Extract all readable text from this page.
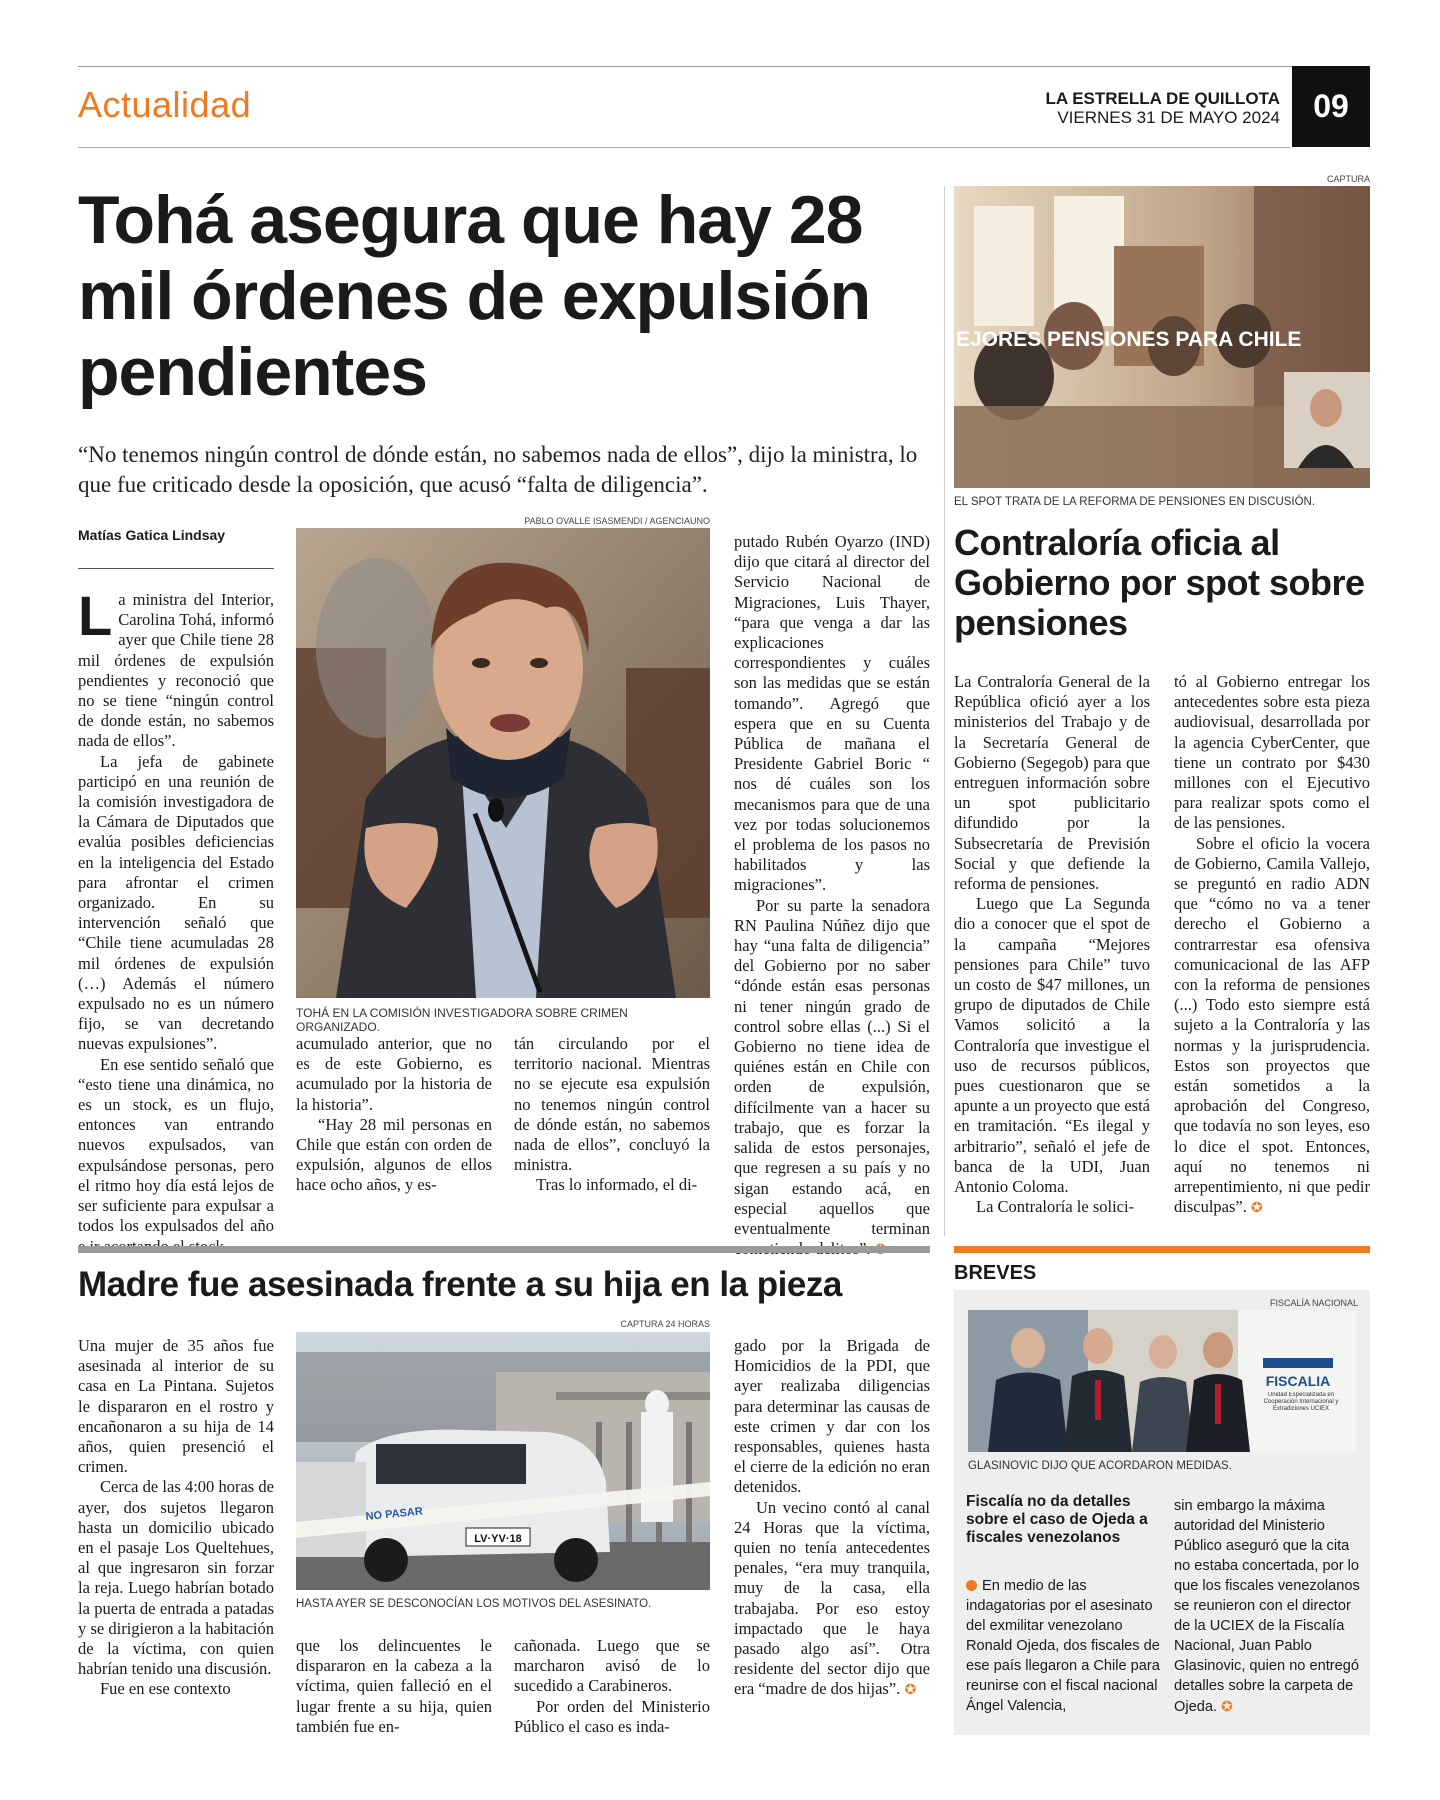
Actualidad	LA ESTRELLA DE QUILLOTA
VIERNES 31 DE MAYO 2024	09
Tohá asegura que hay 28 mil órdenes de expulsión pendientes
“No tenemos ningún control de dónde están, no sabemos nada de ellos”, dijo la ministra, lo que fue criticado desde la oposición, que acusó “falta de diligencia”.
Matías Gatica Lindsay

La ministra del Interior, Carolina Tohá, informó ayer que Chile tiene 28 mil órdenes de expulsión pendientes y reconoció que no se tiene “ningún control de donde están, no sabemos nada de ellos”.

La jefa de gabinete participó en una reunión de la comisión investigadora de la Cámara de Diputados que evalúa posibles deficiencias en la inteligencia del Estado para afrontar el crimen organizado. En su intervención señaló que “Chile tiene acumuladas 28 mil órdenes de expulsión (…) Además el número expulsado no es un número fijo, se van decretando nuevas expulsiones”.

En ese sentido señaló que “esto tiene una dinámica, no es un stock, es un flujo, entonces van entrando nuevos expulsados, van expulsándose personas, pero el ritmo hoy día está lejos de ser suficiente para expulsar a todos los expulsados del año

PABLO OVALLE ISASMENDI / AGENCIAUNO
TOHÁ EN LA COMISIÓN INVESTIGADORA SOBRE CRIMEN ORGANIZADO.

acumulado anterior, que no es de este Gobierno, es acumulado por la historia de la historia”.

“Hay 28 mil personas en Chile que están con orden de expulsión, algunos de ellos hace ocho años, y es-

tán circulando por el territorio nacional. Mientras no se ejecute esa expulsión no tenemos ningún control de dónde están, no sabemos nada de ellos”, concluyó la ministra.

Tras lo informado, el di-

putado Rubén Oyarzo (IND) dijo que citará al director del Servicio Nacional de Migraciones, Luis Thayer, “para que venga a dar las explicaciones correspondientes y cuáles son las medidas que se están tomando”. Agregó que espera que en su Cuenta Pública de mañana el Presidente Gabriel Boric “ nos dé cuáles son los mecanismos para que de una vez por todas solucionemos el problema de los pasos no habilitados y las migraciones”.

Por su parte la senadora RN Paulina Núñez dijo que hay “una falta de diligencia” del Gobierno por no saber “dónde están esas personas ni tener ningún grado de control sobre ellas (...) Si el Gobierno no tiene idea de quiénes están en Chile con orden de expulsión, difícilmente van a hacer su trabajo, que es forzar la salida de estos personajes, que regresen a su país y no sigan estando acá, en especial aquellos que eventualmente terminan

CAPTURA
EJORES PENSIONES PARA CHILE
EL SPOT TRATA DE LA REFORMA DE PENSIONES EN DISCUSIÓN.
Contraloría oficia al Gobierno por spot sobre pensiones

La Contraloría General de la República ofició ayer a los ministerios del Trabajo y de la Secretaría General de Gobierno (Segegob) para que entreguen información sobre un spot publicitario difundido por la Subsecretaría de Previsión Social y que defiende la reforma de pensiones.

Luego que La Segunda dio a conocer que el spot de la campaña “Mejores pensiones para Chile” tuvo un costo de $47 millones, un grupo de diputados de Chile Vamos solicitó a la Contraloría que investigue el uso de recursos públicos, pues cuestionaron que se apunte a un proyecto que está en tramitación. “Es ilegal y arbitrario”, señaló el jefe de banca de la UDI, Juan Antonio Coloma.

La Contraloría le solici-

tó al Gobierno entregar los antecedentes sobre esta pieza audiovisual, desarrollada por la agencia CyberCenter, que tiene un contrato por $430 millones con el Ejecutivo para realizar spots como el de las pensiones.

Sobre el oficio la vocera de Gobierno, Camila Vallejo, se preguntó en radio ADN que “cómo no va a tener derecho el Gobierno a contrarrestar esa ofensiva comunicacional de las AFP con la reforma de pensiones (...) Todo esto siempre está sujeto a la Contraloría y las normas y la jurisprudencia. Estos son proyectos que están sometidos a la aprobación del Congreso, que todavía no son leyes, eso lo dice el spot. Entonces, aquí no tenemos ni arrepentimiento, ni que pedir disculpas”. ✪

Madre fue asesinada frente a su hija en la pieza

Una mujer de 35 años fue asesinada al interior de su casa en La Pintana. Sujetos le dispararon en el rostro y encañonaron a su hija de 14 años, quien presenció el crimen.

Cerca de las 4:00 horas de ayer, dos sujetos llegaron hasta un domicilio ubicado en el pasaje Los Queltehues, al que ingresaron sin forzar la reja. Luego habrían botado la puerta de entrada a patadas y se dirigieron a la habitación de la víctima, con quien habrían tenido una discusión.

Fue en ese contexto

CAPTURA 24 HORAS
LV·YV·18
NO PASAR
HASTA AYER SE DESCONOCÍAN LOS MOTIVOS DEL ASESINATO.

que los delincuentes le dispararon en la cabeza a la víctima, quien falleció en el lugar frente a su hija, quien también fue en-

cañonada. Luego que se marcharon avisó de lo sucedido a Carabineros.

Por orden del Ministerio Público el caso es inda-

gado por la Brigada de Homicidios de la PDI, que ayer realizaba diligencias para determinar las causas de este crimen y dar con los responsables, quienes hasta el cierre de la edición no eran detenidos.

Un vecino contó al canal 24 Horas que la víctima, quien no tenía antecedentes penales, “era muy tranquila, muy de la casa, ella trabajaba. Por eso estoy impactado que le haya pasado algo así”. Otra residente del sector dijo que era “madre de dos hijas”. ✪

BREVES
FISCALÍA NACIONAL
FISCALIA
Unidad Especializada en Cooperación Internacional y Extradiciones UCIEX
GLASINOVIC DIJO QUE ACORDARON MEDIDAS.
Fiscalía no da detalles sobre el caso de Ojeda a fiscales venezolanos
En medio de las indagatorias por el asesinato del exmilitar venezolano Ronald Ojeda, dos fiscales de ese país llegaron a Chile para reunirse con el fiscal nacional Ángel Valencia,
sin embargo la máxima autoridad del Ministerio Público aseguró que la cita no estaba concertada, por lo que los fiscales venezolanos se reunieron con el director de la UCIEX de la Fiscalía Nacional, Juan Pablo Glasinovic, quien no entregó detalles sobre la carpeta de Ojeda. ✪
